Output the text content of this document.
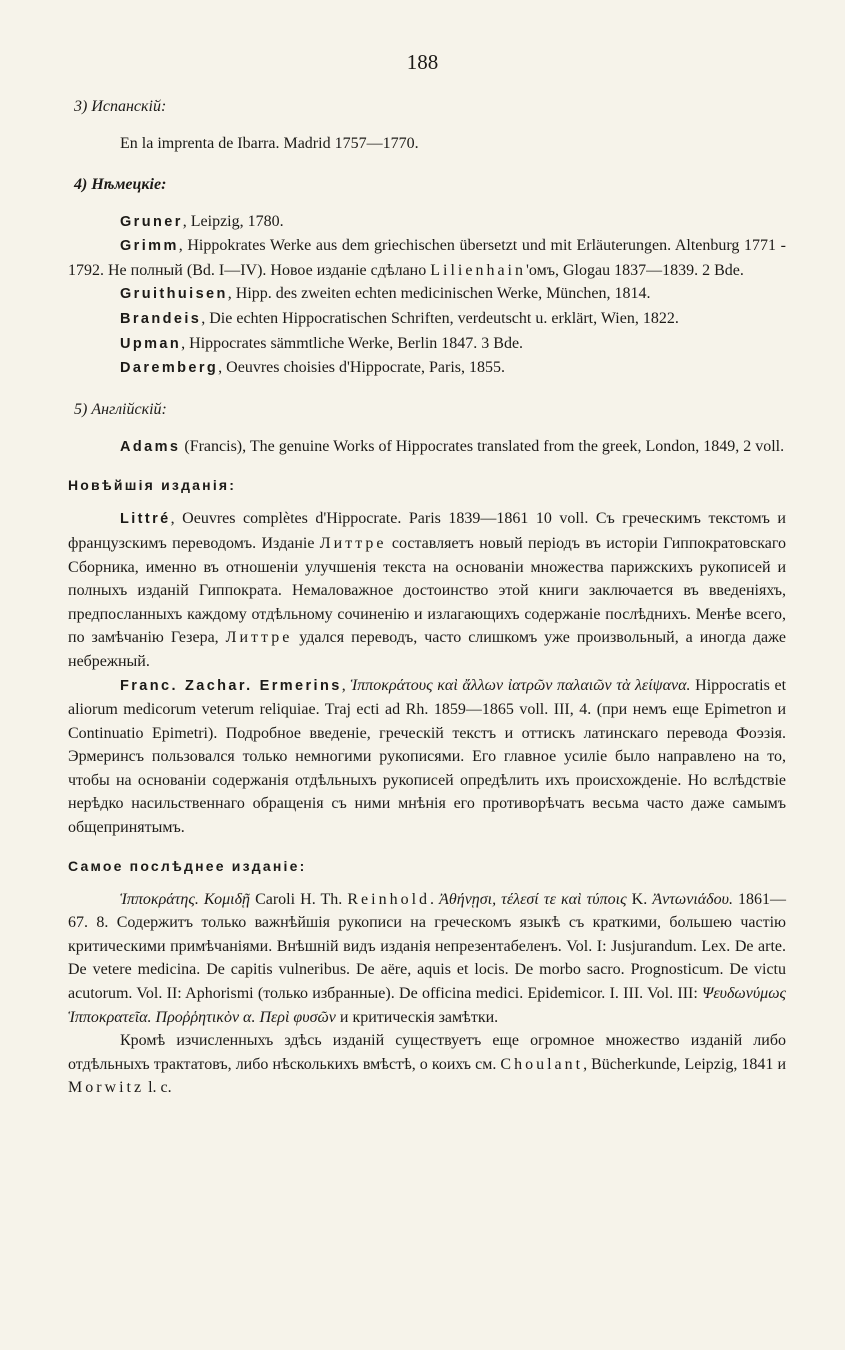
188
3) Испанскiй:

En la imprenta de Ibarra. Madrid 1757—1770.

4) Нѣмецкiе:

Gruner, Leipzig, 1780.

Grimm, Hippokrates Werke aus dem griechischen übersetzt und mit Erläuterungen. Altenburg 1771 - 1792. Не полный (Bd. I—IV). Новое изданiе сдѣлано Lilienhain'омъ, Glogau 1837—1839. 2 Bde.

Gruithuisen, Hipp. des zweiten echten medicinischen Werke, München, 1814.

Brandeis, Die echten Hippocratischen Schriften, verdeutscht u. erklärt, Wien, 1822.

Upman, Hippocrates sämmtliche Werke, Berlin 1847. 3 Bde.

Daremberg, Oeuvres choisies d'Hippocrate, Paris, 1855.

5) Англiйскiй:

Adams (Francis), The genuine Works of Hippocrates translated from the greek, London, 1849, 2 voll.

Новѣйшiя изданiя:

Littré, Oeuvres complètes d'Hippocrate. Paris 1839—1861 10 voll. Съ греческимъ текстомъ и французскимъ переводомъ. Изданiе Литтре составляетъ новый перiодъ въ исторiи Гиппократовскаго Сборника, именно въ отношенiи улучшенiя текста на основанiи множества парижскихъ рукописей и полныхъ изданiй Гиппократа. Немаловажное достоинство этой книги заключается въ введенiяхъ, предпосланныхъ каждому отдѣльному сочиненiю и излагающихъ содержанiе послѣднихъ. Менѣе всего, по замѣчанiю Гезера, Литтре удался переводъ, часто слишкомъ уже произвольный, а иногда даже небрежный.

Franc. Zachar. Ermerins, Ἱπποκράτους καὶ ἄλλων ἰατρῶν παλαιῶν τὰ λείψανα. Hippocratis et aliorum medicorum veterum reliquiae. Traj ecti ad Rh. 1859—1865 voll. III, 4. (при немъ еще Epimetron и Continuatio Epimetri). Подробное введенiе, греческiй текстъ и оттискъ латинскаго перевода Фоэзiя. Эрмеринсъ пользовался только немногими рукописями. Его главное усилiе было направлено на то, чтобы на основанiи содержанiя отдѣльныхъ рукописей опредѣлить ихъ происхожденiе. Но вслѣдствiе нерѣдко насильственнаго обращенiя съ ними мнѣнiя его противорѣчатъ весьма часто даже самымъ общепринятымъ.

Самое послѣднее изданiе:

Ἱπποκράτης. Κομιδῇ Caroli H. Th. Reinhold. Ἀθήνῃσι, τέλεσί τε καὶ τύποις K. Ἀντωνιάδου. 1861—67. 8. Содержитъ только важнѣйшiя рукописи на греческомъ языкѣ съ краткими, большею частiю критическими примѣчанiями. Внѣшнiй видъ изданiя непрезентабеленъ. Vol. I: Jusjurandum. Lex. De arte. De vetere medicina. De capitis vulneribus. De aëre, aquis et locis. De morbo sacro. Prognosticum. De victu acutorum. Vol. II: Aphorismi (только избранные). De officina medici. Epidemicor. I. III. Vol. III: Ψευδωνύμως Ἱπποκρατεῖα. Προῤῥητικὸν α. Περὶ φυσῶν и критическiя замѣтки.

Кромѣ изчисленныхъ здѣсь изданiй существуетъ еще огромное множество изданiй либо отдѣльныхъ трактатовъ, либо нѣсколькихъ вмѣстѣ, о коихъ см. Choulant, Bücherkunde, Leipzig, 1841 и Morwitz l. c.
